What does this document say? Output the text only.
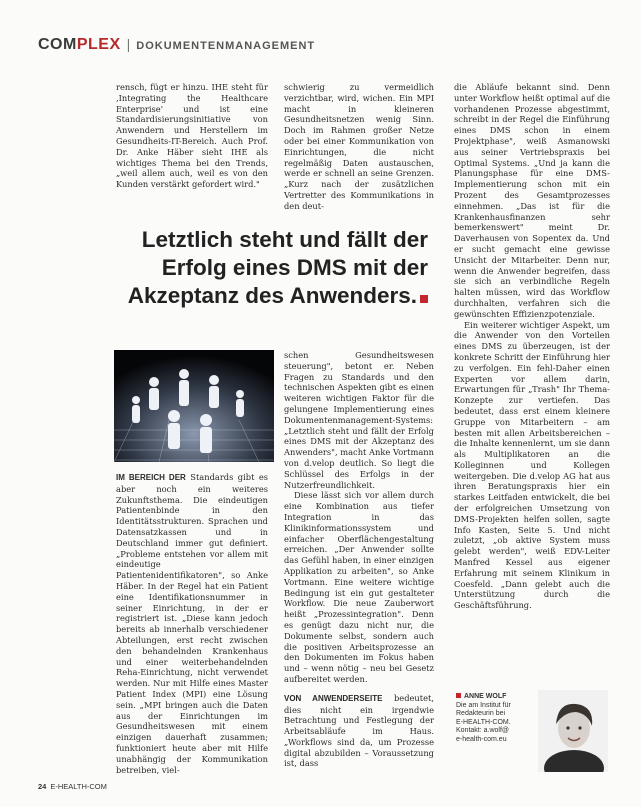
COMPLEX | DOKUMENTENMANAGEMENT

rensch, fügt er hinzu. IHE steht für ‚Integrating the Healthcare Enterprise' und ist eine Standardisierungsinitiative von Anwendern und Herstellern im Gesundheits-IT-Bereich. Auch Prof. Dr. Anke Häber sieht IHE als wichtiges Thema bei den Trends, „weil allem auch, weil es von den Kunden verstärkt gefordert wird."

schwierig zu vermeidlich verzichtbar, wird, wichen. Ein MPI macht in kleineren Gesundheitsnetzen wenig Sinn. Doch im Rahmen großer Netze oder bei einer Kommunikation von Einrichtungen, die nicht regelmäßig Daten austauschen, werde er schnell an seine Grenzen. „Kurz nach der zusätzlichen Vertretter des Kommunikations in den deut-

die Abläufe bekannt sind. Denn unter Workflow heißt optimal auf die vorhandenen Prozesse abgestimmt, schreibt in der Regel die Einführung eines DMS schon in einem Projektphase", weiß Asmanowski aus seiner Vertriebspraxis bei Optimal Systems. „Und ja kann die Planungsphase für eine DMS-Implementierung schon mit ein Prozent des Gesamtprozesses einnehmen. „Das ist für die Krankenhausfinanzen sehr bemerkenswert" meint Dr. Daverhausen von Sopentex da. Und er sucht gemacht eine gewisse Unsicht der Mitarbeiter. Denn nur, wenn die Anwender begreifen, dass sie sich an verbindliche Regeln halten müssen, wird das Workflow durchhalten, verfahren sich die gewünschten Effizienzpotenziale.

Ein weiterer wichtiger Aspekt, um die Anwender von den Vorteilen eines DMS zu überzeugen, ist der konkrete Schritt der Einführung hier zu verfolgen. Ein fehl-Daher einen Experten vor allem darin, Erwartungen für „Trash" Ihr Thema- Konzepte zur vertiefen. Das bedeutet, dass erst einem kleinere Gruppe von Mitarbeitern – am besten mit allen Arbeitsbereichen – die Inhalte kennenlernt, um sie dann als Multiplikatoren an die Kolleginnen und Kollegen weitergeben. Die d.velop AG hat aus ihren Beratungspraxis hier ein starkes Leitfaden entwickelt, die bei der erfolgreichen Umsetzung von DMS-Projekten helfen sollen, sagte Info Kasten, Seite 5. Und nicht zuletzt, „ob aktive System muss gelebt werden", weiß EDV-Leiter Manfred Kessel aus eigener Erfahrung mit seinem Klinikum in Coesfeld. „Dann gelebt auch die Unterstützung durch die Geschäftsführung.

Letztlich steht und fällt der
Erfolg eines DMS mit der
Akzeptanz des Anwenders.

schen Gesundheitswesen steuerung", betont er. Neben Fragen zu Standards und den technischen Aspekten gibt es einen weiteren wichtigen Faktor für die gelungene Implementierung eines Dokumentenmanagement-Systems: „Letztlich steht und fällt der Erfolg eines DMS mit der Akzeptanz des Anwenders", macht Anke Vortmann von d.velop deutlich. So liegt die Schlüssel des Erfolgs in der Nutzerfreundlichkeit.

Diese lässt sich vor allem durch eine Kombination aus tiefer Integration in das Klinikinformationssystem und einfacher Oberflächengestaltung erreichen. „Der Anwender sollte das Gefühl haben, in einer einzigen Applikation zu arbeiten", so Anke Vortmann. Eine weitere wichtige Bedingung ist ein gut gestalteter Workflow. Die neue Zauberwort heißt „Prozessintegration". Denn es genügt dazu nicht nur, die Dokumente selbst, sondern auch die positiven Arbeitsprozesse an den Dokumenten im Fokus haben und – wenn nötig – neu bei Gesetz aufbereitet werden.

VON ANWENDERSEITE bedeutet, dies nicht ein irgendwie Betrachtung und Festlegung der Arbeitsabläufe im Haus. „Workflows sind da, um Prozesse digital abzubilden – Voraussetzung ist, dass

IM BEREICH DER Standards gibt es aber noch ein weiteres Zukunftsthema. Die eindeutigen Patientenbinde in den Identitätsstrukturen. Sprachen und Datensatzkassen und in Deutschland immer gut definiert. „Probleme entstehen vor allem mit eindeutige Patientenidentifikatoren", so Anke Häber. In der Regel hat ein Patient eine Identifikationsnummer in seiner Einrichtung, in der er registriert ist. „Diese kann jedoch bereits ab innerhalb verschiedener Abteilungen, erst recht zwischen den behandelnden Krankenhaus und einer weiterbehandelnden Reha-Einrichtung, nicht verwendet werden. Nur mit Hilfe eines Master Patient Index (MPI) eine Lösung sein. „MPI bringen auch die Daten aus der Einrichtungen im Gesundheitswesen mit einem einzigen dauerhaft zusammen; funktioniert heute aber mit Hilfe unabhängig der Kommunikation betreiben, viel-

ANNE WOLF
Die am Institut für
Redakteurin bei
E-HEALTH-COM.
Kontakt: a.wolf@
e-health-com.eu
24 E-HEALTH-COM
